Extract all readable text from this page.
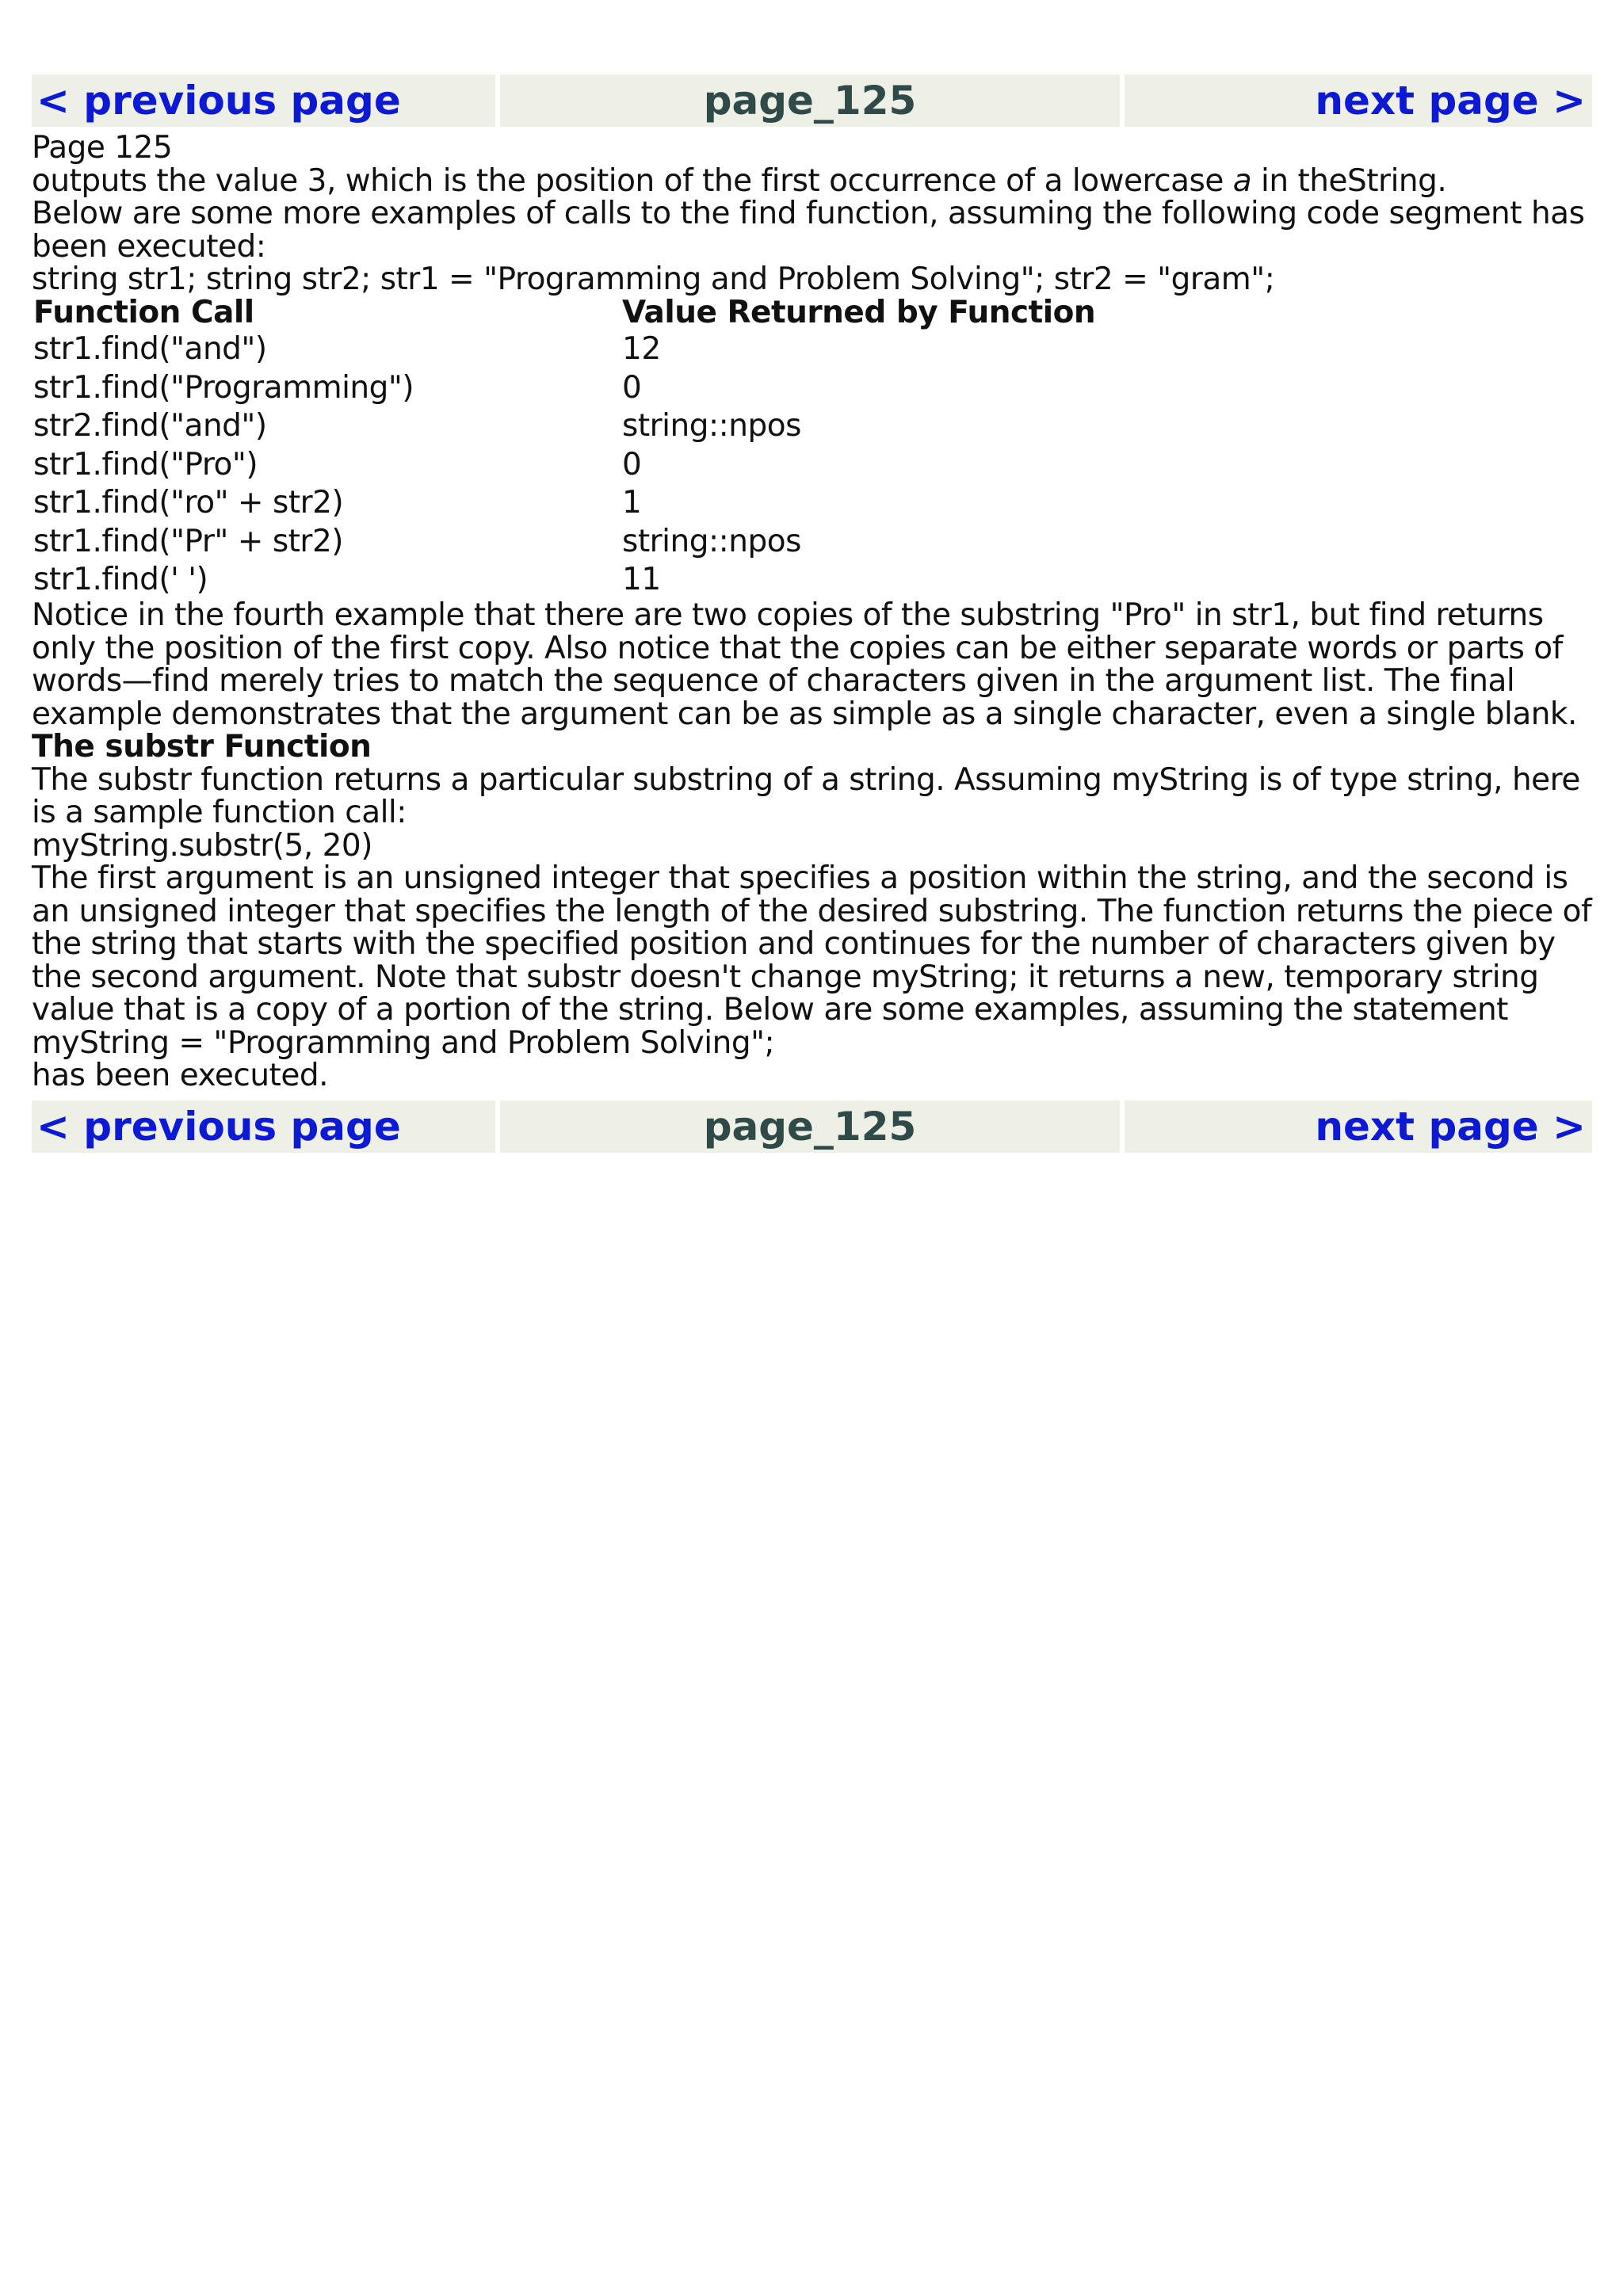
< previous page	page_125	next page >

Page 125

outputs the value 3, which is the position of the first occurrence of a lowercase a in theString.

Below are some more examples of calls to the find function, assuming the following code segment has been executed:

string str1; string str2; str1 = "Programming and Problem Solving"; str2 = "gram";

Function Call	Value Returned by Function
str1.find("and")	12
str1.find("Programming")	0
str2.find("and")	string::npos
str1.find("Pro")	0
str1.find("ro" + str2)	1
str1.find("Pr" + str2)	string::npos
str1.find(' ')	11

Notice in the fourth example that there are two copies of the substring "Pro" in str1, but find returns only the position of the first copy. Also notice that the copies can be either separate words or parts of words—find merely tries to match the sequence of characters given in the argument list. The final example demonstrates that the argument can be as simple as a single character, even a single blank.

The substr Function

The substr function returns a particular substring of a string. Assuming myString is of type string, here is a sample function call:

myString.substr(5, 20)

The first argument is an unsigned integer that specifies a position within the string, and the second is an unsigned integer that specifies the length of the desired substring. The function returns the piece of the string that starts with the specified position and continues for the number of characters given by the second argument. Note that substr doesn't change myString; it returns a new, temporary string value that is a copy of a portion of the string. Below are some examples, assuming the statement

myString = "Programming and Problem Solving";

has been executed.

< previous page	page_125	next page >
